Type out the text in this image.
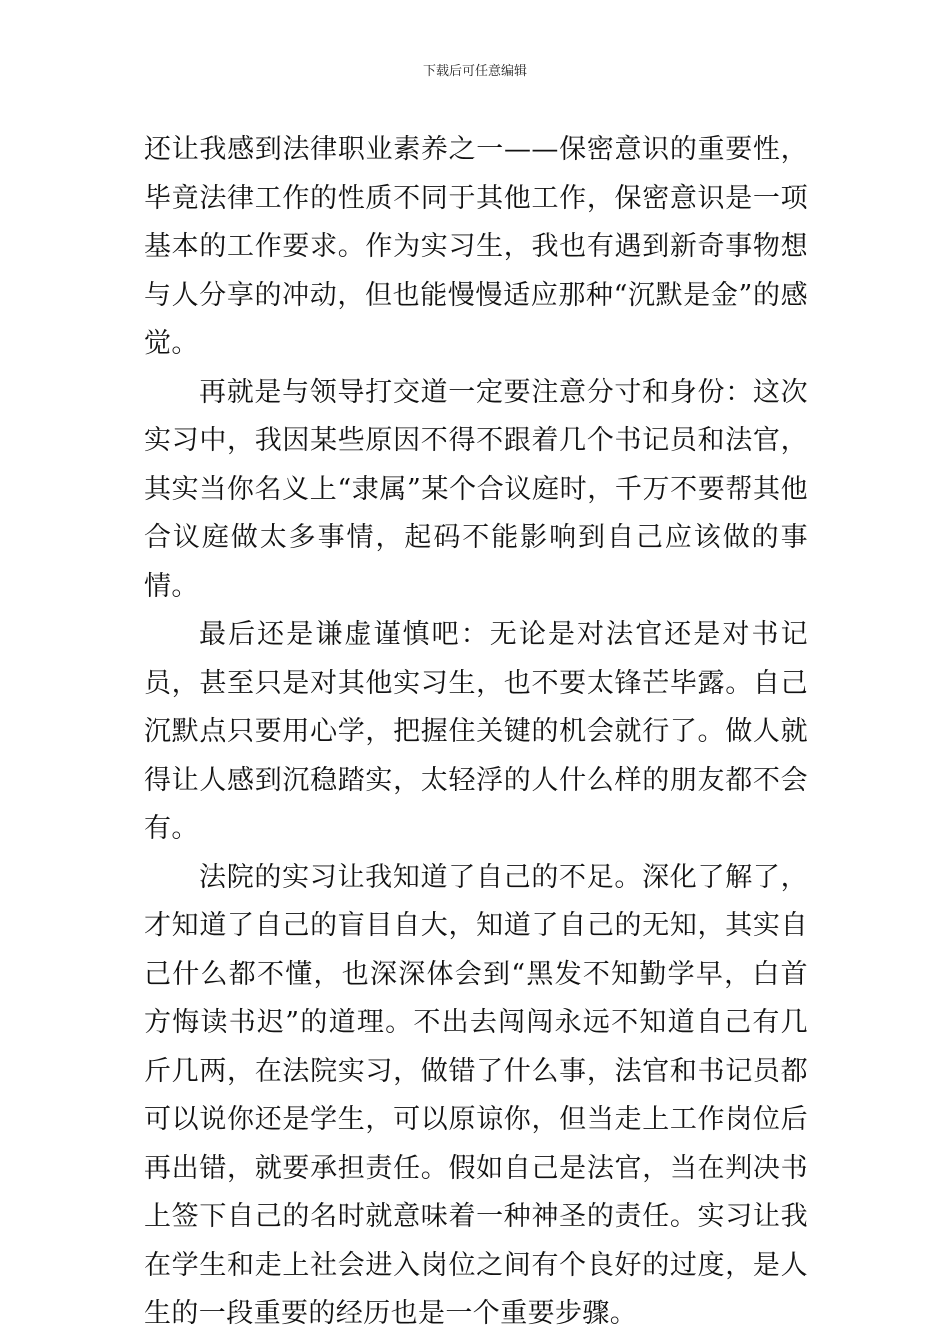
下载后可任意编辑

还让我感到法律职业素养之一——保密意识的重要性，毕竟法律工作的性质不同于其他工作，保密意识是一项基本的工作要求。作为实习生，我也有遇到新奇事物想与人分享的冲动，但也能慢慢适应那种“沉默是金”的感觉。

再就是与领导打交道一定要注意分寸和身份：这次实习中，我因某些原因不得不跟着几个书记员和法官，其实当你名义上“隶属”某个合议庭时，千万不要帮其他合议庭做太多事情，起码不能影响到自己应该做的事情。

最后还是谦虚谨慎吧：无论是对法官还是对书记员，甚至只是对其他实习生，也不要太锋芒毕露。自己沉默点只要用心学，把握住关键的机会就行了。做人就得让人感到沉稳踏实，太轻浮的人什么样的朋友都不会有。

法院的实习让我知道了自己的不足。深化了解了，才知道了自己的盲目自大，知道了自己的无知，其实自己什么都不懂，也深深体会到“黑发不知勤学早，白首方悔读书迟”的道理。不出去闯闯永远不知道自己有几斤几两，在法院实习，做错了什么事，法官和书记员都可以说你还是学生，可以原谅你，但当走上工作岗位后再出错，就要承担责任。假如自己是法官，当在判决书上签下自己的名时就意味着一种神圣的责任。实习让我在学生和走上社会进入岗位之间有个良好的过度，是人生的一段重要的经历也是一个重要步骤。
